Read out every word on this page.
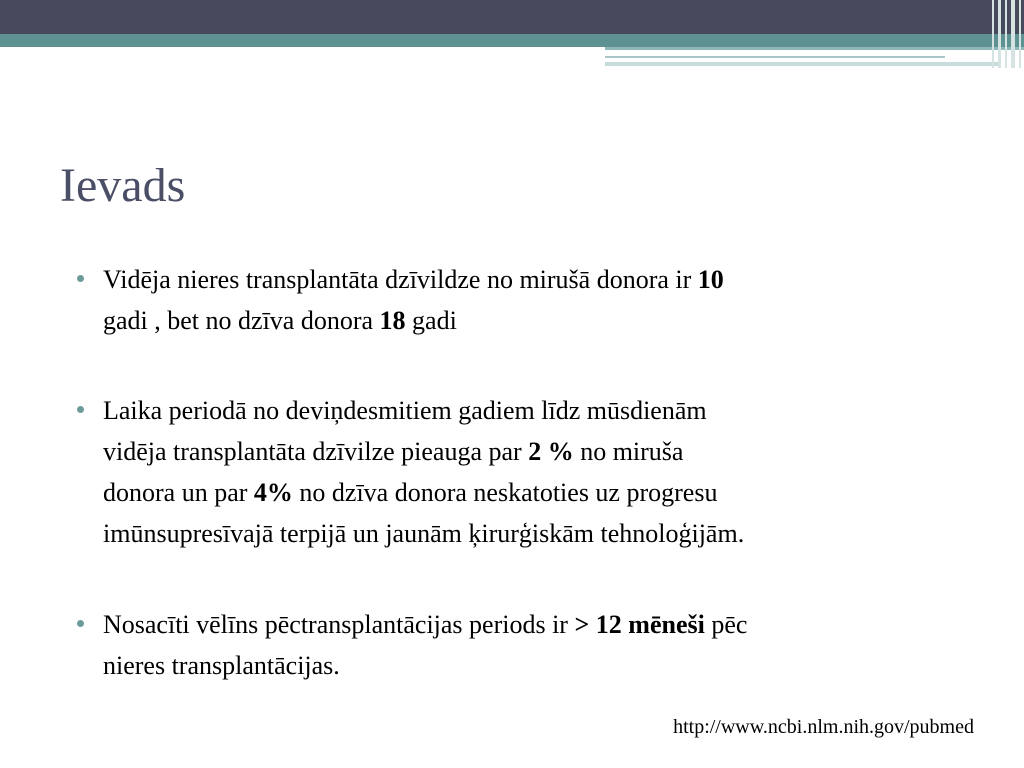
Ievads
Vidēja nieres transplantāta dzīvildze no mirušā donora ir 10
gadi , bet no dzīva donora 18 gadi
Laika periodā no deviņdesmitiem gadiem līdz mūsdienām
vidēja transplantāta dzīvilze pieauga par 2 % no miruša
donora un par 4% no dzīva donora neskatoties uz progresu
imūnsupresīvajā terpijā un jaunām ķirurģiskām tehnoloģijām.
Nosacīti vēlīns pēctransplantācijas periods ir > 12 mēneši pēc
nieres transplantācijas.
http://www.ncbi.nlm.nih.gov/pubmed
